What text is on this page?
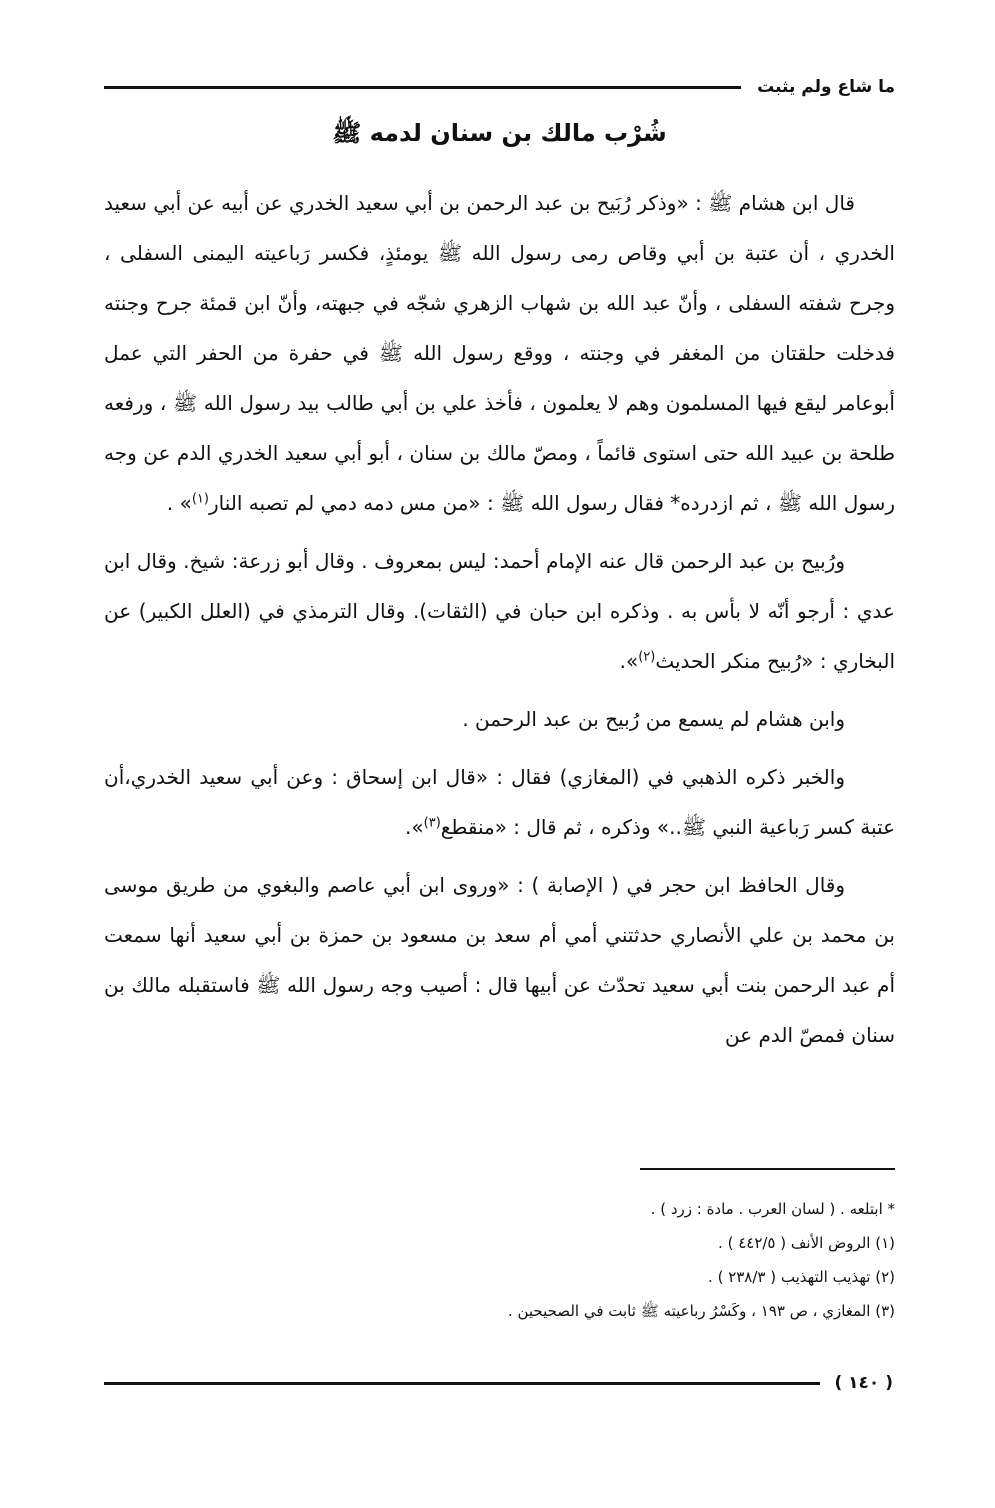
ما شاع ولم يثبت
شُرْب مالك بن سنان لدمه ﷺ

قال ابن هشام ﷺ : «وذكر رُبَيح بن عبد الرحمن بن أبي سعيد الخدري عن أبيه عن أبي سعيد الخدري ، أن عتبة بن أبي وقاص رمى رسول الله ﷺ يومئذٍ، فكسر رَباعيته اليمنى السفلى ، وجرح شفته السفلى ، وأنّ عبد الله بن شهاب الزهري شجّه في جبهته، وأنّ ابن قمئة جرح وجنته فدخلت حلقتان من المغفر في وجنته ، ووقع رسول الله ﷺ في حفرة من الحفر التي عمل أبوعامر ليقع فيها المسلمون وهم لا يعلمون ، فأخذ علي بن أبي طالب بيد رسول الله ﷺ ، ورفعه طلحة بن عبيد الله حتى استوى قائماً ، ومصّ مالك بن سنان ، أبو أبي سعيد الخدري الدم عن وجه رسول الله ﷺ ، ثم ازدرده* فقال رسول الله ﷺ : «من مس دمه دمي لم تصبه النار$^{(١)}$» .

ورُبيح بن عبد الرحمن قال عنه الإمام أحمد: ليس بمعروف . وقال أبو زرعة: شيخ. وقال ابن عدي : أرجو أنّه لا بأس به . وذكره ابن حبان في (الثقات). وقال الترمذي في (العلل الكبير) عن البخاري : «رُبيح منكر الحديث$^{(٢)}$».

وابن هشام لم يسمع من رُبيح بن عبد الرحمن .

والخبر ذكره الذهبي في (المغازي) فقال : «قال ابن إسحاق : وعن أبي سعيد الخدري،أن عتبة كسر رَباعية النبي ﷺ..» وذكره ، ثم قال : «منقطع$^{(٣)}$».

وقال الحافظ ابن حجر في ( الإصابة ) : «وروى ابن أبي عاصم والبغوي من طريق موسى بن محمد بن علي الأنصاري حدثتني أمي أم سعد بن مسعود بن حمزة بن أبي سعيد أنها سمعت أم عبد الرحمن بنت أبي سعيد تحدّث عن أبيها قال : أصيب وجه رسول الله ﷺ فاستقبله مالك بن سنان فمصّ الدم عن

* ابتلعه . ( لسان العرب . مادة : زرد ) .
(١) الروض الأنف ( ٤٤٢/٥ ) .
(٢) تهذيب التهذيب ( ٢٣٨/٣ ) .
(٣) المغازي ، ص ١٩٣ ، وكَسْرُ رباعيته ﷺ ثابت في الصحيحين .
( ١٤٠ )
